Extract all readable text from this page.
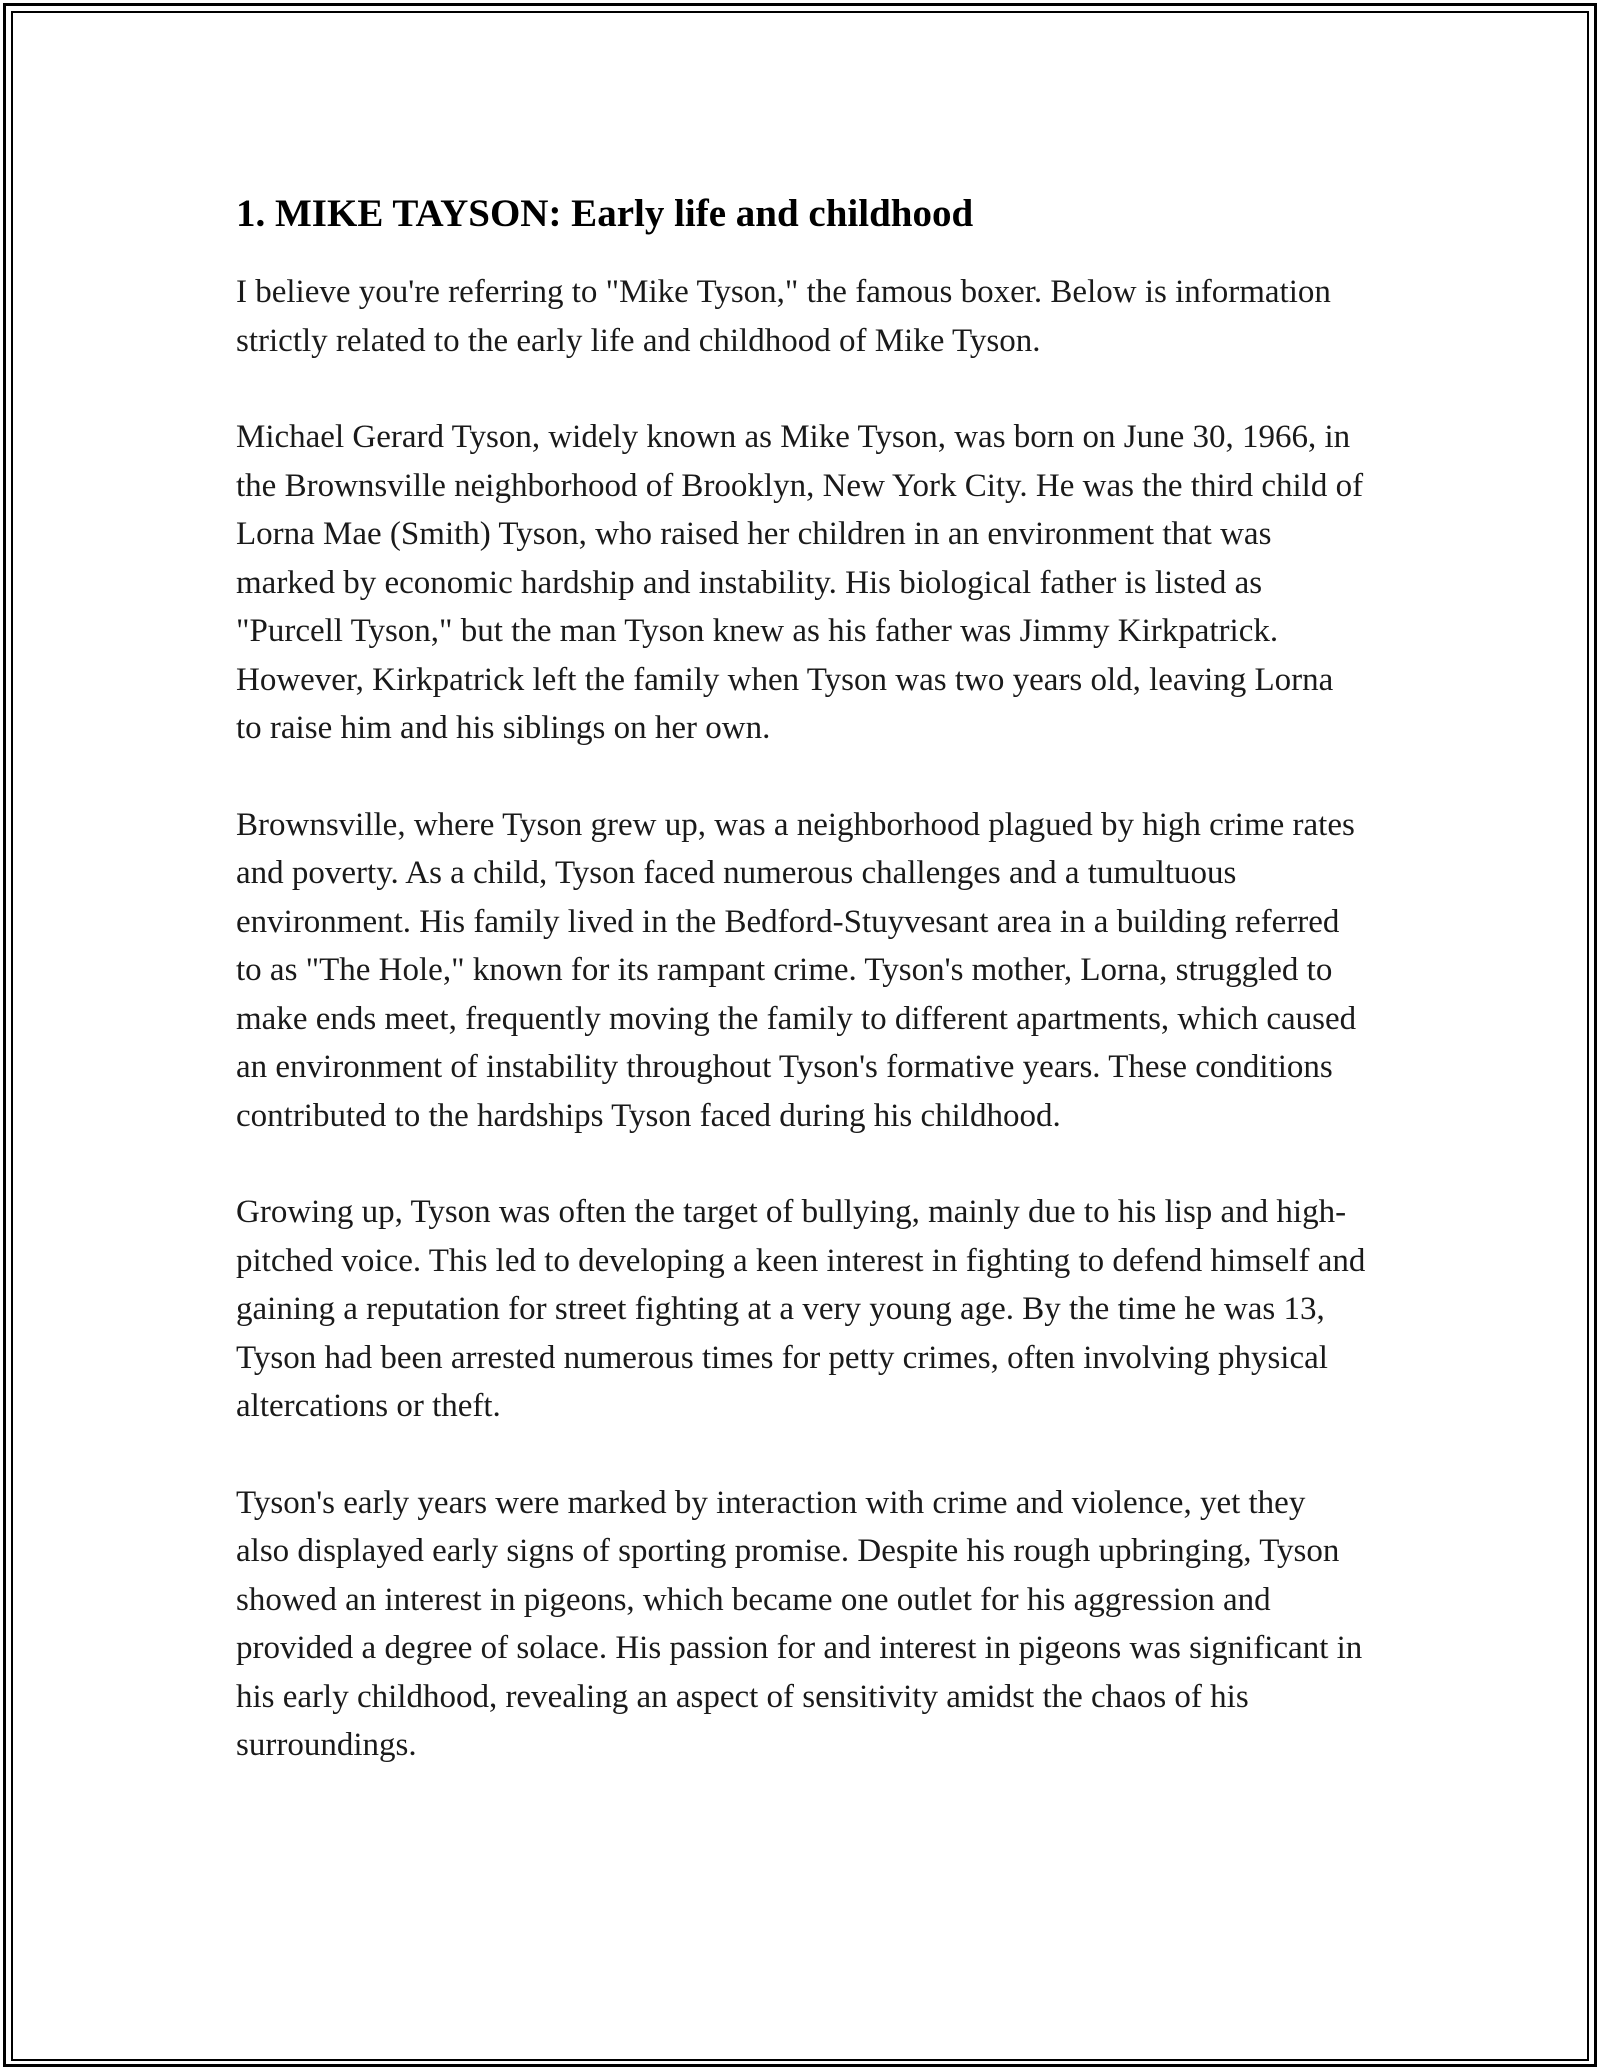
1. MIKE TAYSON: Early life and childhood

I believe you're referring to "Mike Tyson," the famous boxer. Below is information strictly related to the early life and childhood of Mike Tyson.

Michael Gerard Tyson, widely known as Mike Tyson, was born on June 30, 1966, in the Brownsville neighborhood of Brooklyn, New York City. He was the third child of Lorna Mae (Smith) Tyson, who raised her children in an environment that was marked by economic hardship and instability. His biological father is listed as "Purcell Tyson," but the man Tyson knew as his father was Jimmy Kirkpatrick. However, Kirkpatrick left the family when Tyson was two years old, leaving Lorna to raise him and his siblings on her own.

Brownsville, where Tyson grew up, was a neighborhood plagued by high crime rates and poverty. As a child, Tyson faced numerous challenges and a tumultuous environment. His family lived in the Bedford-Stuyvesant area in a building referred to as "The Hole," known for its rampant crime. Tyson's mother, Lorna, struggled to make ends meet, frequently moving the family to different apartments, which caused an environment of instability throughout Tyson's formative years. These conditions contributed to the hardships Tyson faced during his childhood.

Growing up, Tyson was often the target of bullying, mainly due to his lisp and high-pitched voice. This led to developing a keen interest in fighting to defend himself and gaining a reputation for street fighting at a very young age. By the time he was 13, Tyson had been arrested numerous times for petty crimes, often involving physical altercations or theft.

Tyson's early years were marked by interaction with crime and violence, yet they also displayed early signs of sporting promise. Despite his rough upbringing, Tyson showed an interest in pigeons, which became one outlet for his aggression and provided a degree of solace. His passion for and interest in pigeons was significant in his early childhood, revealing an aspect of sensitivity amidst the chaos of his surroundings.
